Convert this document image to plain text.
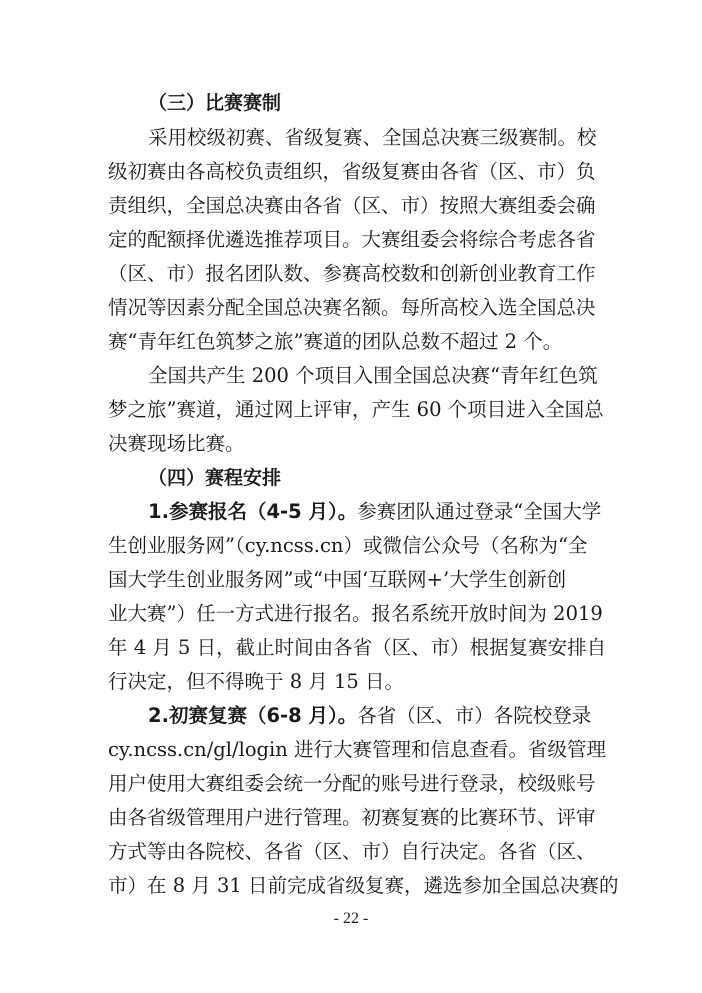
（三）比赛赛制
采用校级初赛、省级复赛、全国总决赛三级赛制。校
级初赛由各高校负责组织，省级复赛由各省（区、市）负
责组织，全国总决赛由各省（区、市）按照大赛组委会确
定的配额择优遴选推荐项目。大赛组委会将综合考虑各省
（区、市）报名团队数、参赛高校数和创新创业教育工作
情况等因素分配全国总决赛名额。每所高校入选全国总决
赛“青年红色筑梦之旅”赛道的团队总数不超过 2 个。
全国共产生 200 个项目入围全国总决赛“青年红色筑
梦之旅”赛道，通过网上评审，产生 60 个项目进入全国总
决赛现场比赛。
（四）赛程安排
1.参赛报名（4-5 月）。参赛团队通过登录“全国大学
生创业服务网”（cy.ncss.cn）或微信公众号（名称为“全
国大学生创业服务网”或“中国‘互联网+’大学生创新创
业大赛”）任一方式进行报名。报名系统开放时间为 2019
年 4 月 5 日，截止时间由各省（区、市）根据复赛安排自
行决定，但不得晚于 8 月 15 日。
2.初赛复赛（6-8 月）。各省（区、市）各院校登录
cy.ncss.cn/gl/login 进行大赛管理和信息查看。省级管理
用户使用大赛组委会统一分配的账号进行登录，校级账号
由各省级管理用户进行管理。初赛复赛的比赛环节、评审
方式等由各院校、各省（区、市）自行决定。各省（区、
市）在 8 月 31 日前完成省级复赛，遴选参加全国总决赛的
- 22 -
